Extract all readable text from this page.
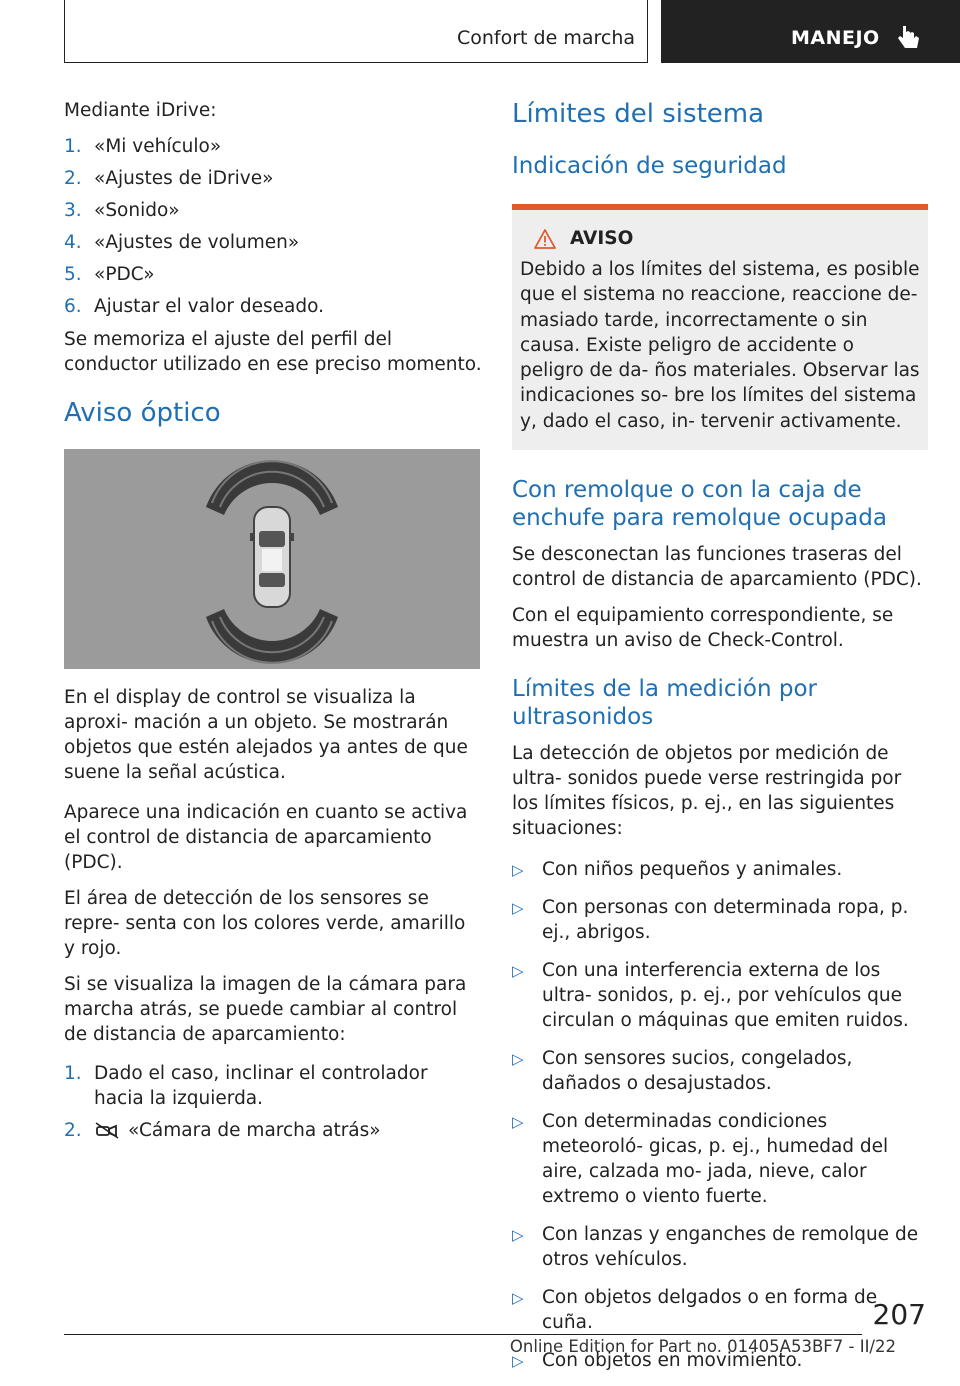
Confort de marcha	MANEJO

Mediante iDrive:

1. «Mi vehículo»
2. «Ajustes de iDrive»
3. «Sonido»
4. «Ajustes de volumen»
5. «PDC»
6. Ajustar el valor deseado.

Se memoriza el ajuste del perfil del conductor utilizado en ese preciso momento.

Aviso óptico

En el display de control se visualiza la aproxi‐ mación a un objeto. Se mostrarán objetos que estén alejados ya antes de que suene la señal acústica.

Aparece una indicación en cuanto se activa el control de distancia de aparcamiento (PDC).

El área de detección de los sensores se repre‐ senta con los colores verde, amarillo y rojo.

Si se visualiza la imagen de la cámara para marcha atrás, se puede cambiar al control de distancia de aparcamiento:

1. Dado el caso, inclinar el controlador hacia la izquierda.
2.	«Cámara de marcha atrás»
Límites del sistema
Indicación de seguridad
AVISO

Debido a los límites del sistema, es posible que el sistema no reaccione, reaccione de‐ masiado tarde, incorrectamente o sin causa. Existe peligro de accidente o peligro de da‐ ños materiales. Observar las indicaciones so‐ bre los límites del sistema y, dado el caso, in‐ tervenir activamente.

Con remolque o con la caja de enchufe para remolque ocupada

Se desconectan las funciones traseras del control de distancia de aparcamiento (PDC).

Con el equipamiento correspondiente, se muestra un aviso de Check-Control.

Límites de la medición por ultrasonidos

La detección de objetos por medición de ultra‐ sonidos puede verse restringida por los límites físicos, p. ej., en las siguientes situaciones:

▷ Con niños pequeños y animales.
▷ Con personas con determinada ropa, p. ej., abrigos.
▷ Con una interferencia externa de los ultra‐ sonidos, p. ej., por vehículos que circulan o máquinas que emiten ruidos.
▷ Con sensores sucios, congelados, dañados o desajustados.
▷ Con determinadas condiciones meteoroló‐ gicas, p. ej., humedad del aire, calzada mo‐ jada, nieve, calor extremo o viento fuerte.
▷ Con lanzas y enganches de remolque de otros vehículos.
▷ Con objetos delgados o en forma de cuña.
▷ Con objetos en movimiento.
207
Online Edition for Part no. 01405A53BF7 - II/22
